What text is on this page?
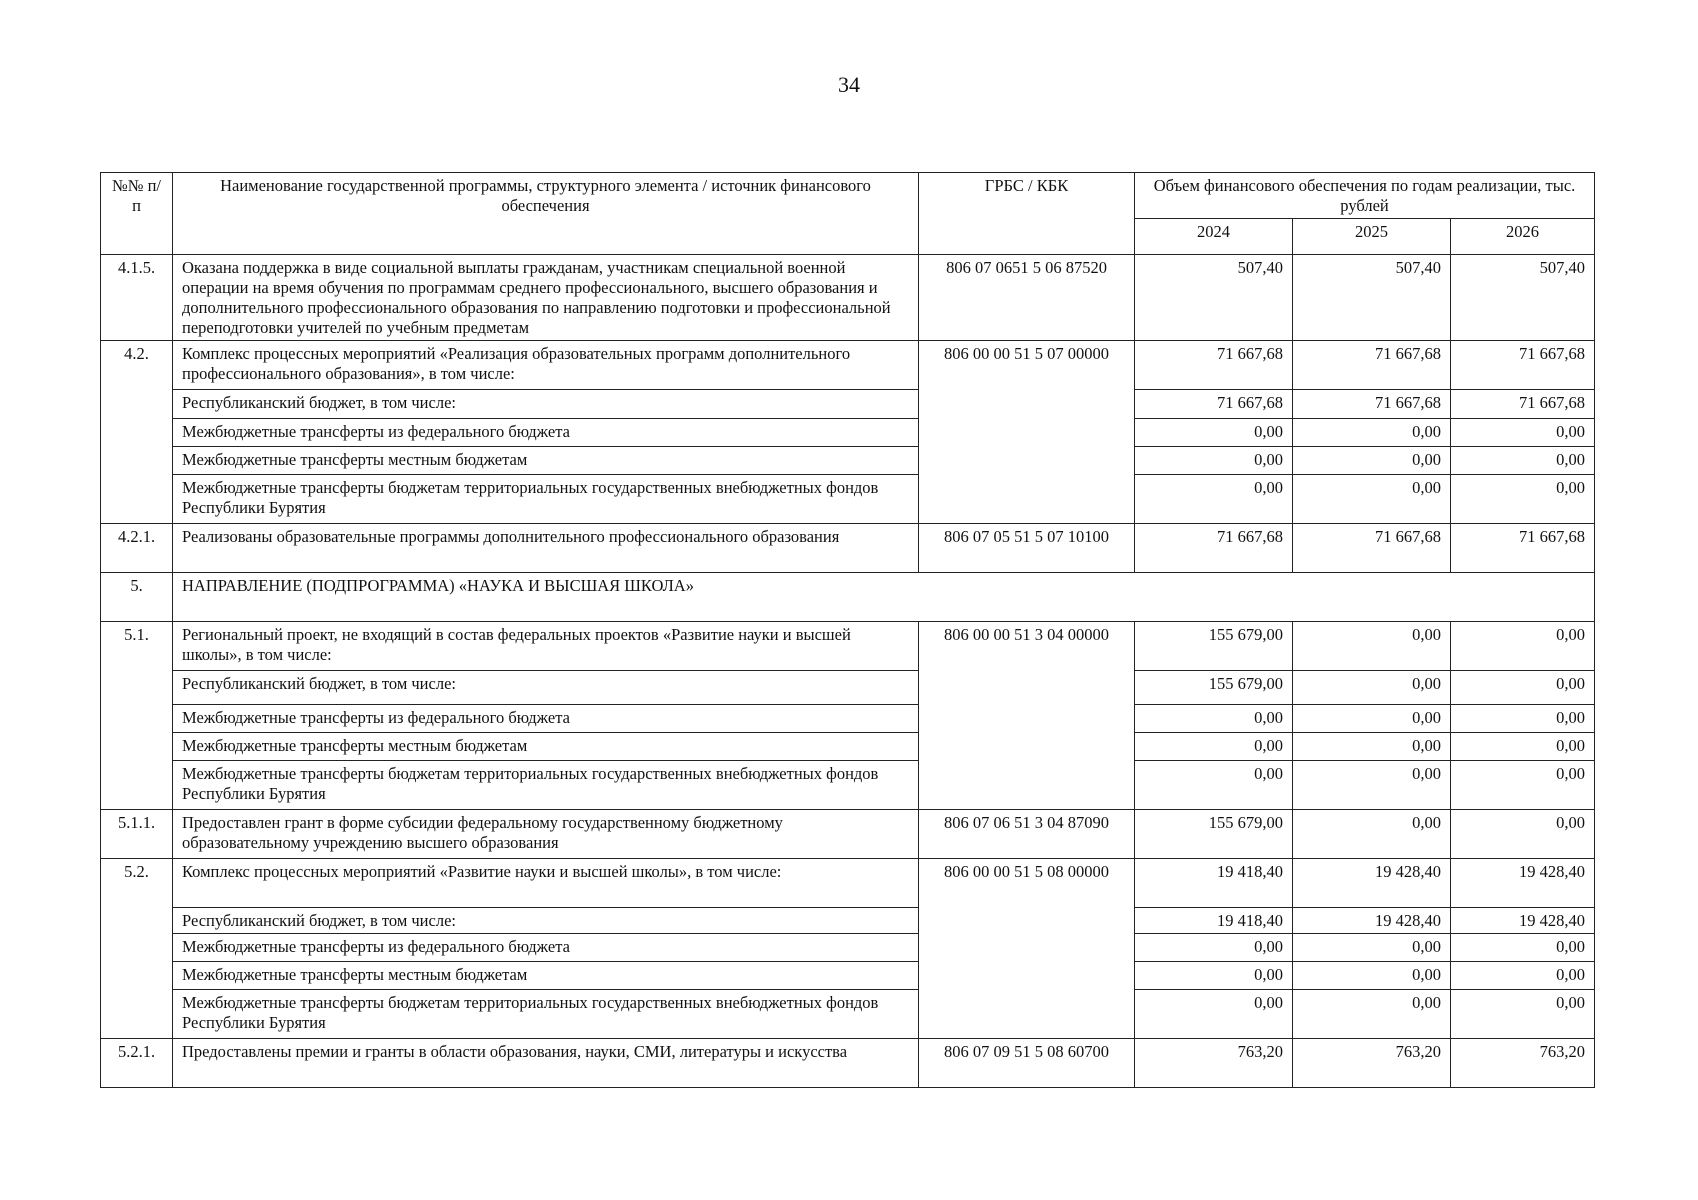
34
№№ п/п	Наименование государственной программы, структурного элемента / источник финансового обеспечения	ГРБС / КБК	Объем финансового обеспечения по годам реализации, тыс. рублей		
			2024	2025	2026
4.1.5.	Оказана поддержка в виде социальной выплаты гражданам, участникам специальной военной операции на время обучения по программам среднего профессионального, высшего образования и дополнительного профессионального образования по направлению подготовки и профессиональной переподготовки учителей по учебным предметам	806 07 0651 5 06 87520	507,40	507,40	507,40
4.2.	Комплекс процессных мероприятий «Реализация образовательных программ дополнительного профессионального образования», в том числе:	806 00 00 51 5 07 00000	71 667,68	71 667,68	71 667,68
	Республиканский бюджет, в том числе:		71 667,68	71 667,68	71 667,68
	Межбюджетные трансферты из федерального бюджета		0,00	0,00	0,00
	Межбюджетные трансферты местным бюджетам		0,00	0,00	0,00
	Межбюджетные трансферты бюджетам территориальных государственных внебюджетных фондов Республики Бурятия		0,00	0,00	0,00
4.2.1.	Реализованы образовательные программы дополнительного профессионального образования	806 07 05 51 5 07 10100	71 667,68	71 667,68	71 667,68
5.	НАПРАВЛЕНИЕ (ПОДПРОГРАММА) «НАУКА И ВЫСШАЯ ШКОЛА»				
5.1.	Региональный проект, не входящий в состав федеральных проектов «Развитие науки и высшей школы», в том числе:	806 00 00 51 3 04 00000	155 679,00	0,00	0,00
	Республиканский бюджет, в том числе:		155 679,00	0,00	0,00
	Межбюджетные трансферты из федерального бюджета		0,00	0,00	0,00
	Межбюджетные трансферты местным бюджетам		0,00	0,00	0,00
	Межбюджетные трансферты бюджетам территориальных государственных внебюджетных фондов Республики Бурятия		0,00	0,00	0,00
5.1.1.	Предоставлен грант в форме субсидии федеральному государственному бюджетному образовательному учреждению высшего образования	806 07 06 51 3 04 87090	155 679,00	0,00	0,00
5.2.	Комплекс процессных мероприятий «Развитие науки и высшей школы», в том числе:	806 00 00 51 5 08 00000	19 418,40	19 428,40	19 428,40
	Республиканский бюджет, в том числе:		19 418,40	19 428,40	19 428,40
	Межбюджетные трансферты из федерального бюджета		0,00	0,00	0,00
	Межбюджетные трансферты местным бюджетам		0,00	0,00	0,00
	Межбюджетные трансферты бюджетам территориальных государственных внебюджетных фондов Республики Бурятия		0,00	0,00	0,00
5.2.1.	Предоставлены премии и гранты в области образования, науки, СМИ, литературы и искусства	806 07 09 51 5 08 60700	763,20	763,20	763,20
